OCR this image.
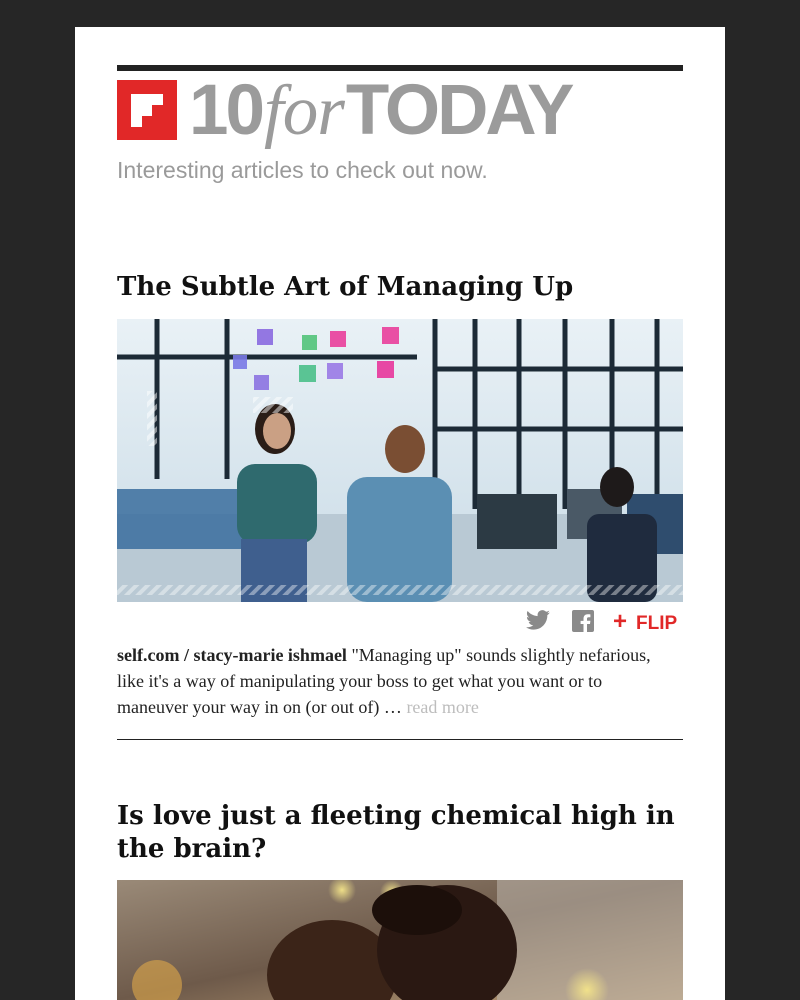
10forTODAY
Interesting articles to check out now.
The Subtle Art of Managing Up
+ FLIP

self.com / stacy-marie ishmael "Managing up" sounds slightly nefarious, like it's a way of manipulating your boss to get what you want or to maneuver your way in on (or out of) … read more

Is love just a fleeting chemical high in the brain?
